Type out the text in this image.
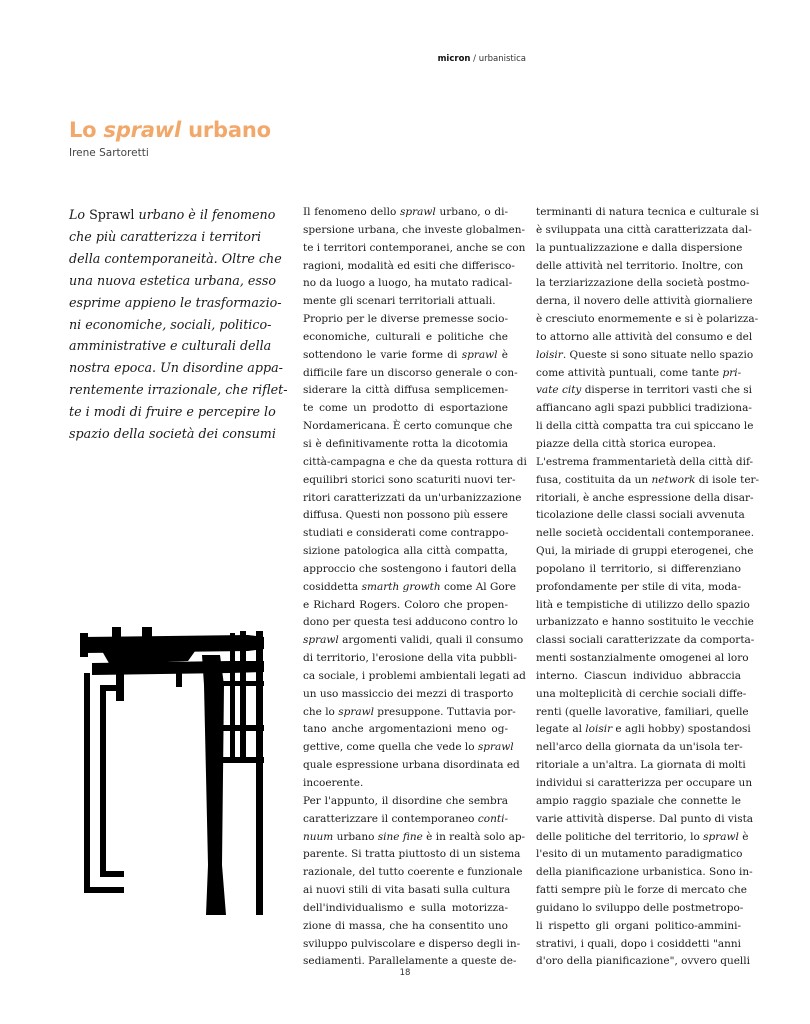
micron / urbanistica
Lo sprawl urbano
Irene Sartoretti
Lo Sprawl urbano è il fenomeno
che più caratterizza i territori
della contemporaneità. Oltre che
una nuova estetica urbana, esso
esprime appieno le trasformazio-
ni economiche, sociali, politico-
amministrative e culturali della
nostra epoca. Un disordine appa-
rentemente irrazionale, che riflet-
te i modi di fruire e percepire lo
spazio della società dei consumi
Il fenomeno dello sprawl urbano, o di-
spersione urbana, che investe globalmen-
te i territori contemporanei, anche se con
ragioni, modalità ed esiti che differisco-
no da luogo a luogo, ha mutato radical-
mente gli scenari territoriali attuali.
Proprio per le diverse premesse socio-
economiche, culturali e politiche che
sottendono le varie forme di sprawl è
difficile fare un discorso generale o con-
siderare la città diffusa semplicemen-
te come un prodotto di esportazione
Nordamericana. È certo comunque che
si è definitivamente rotta la dicotomia
città-campagna e che da questa rottura di
equilibri storici sono scaturiti nuovi ter-
ritori caratterizzati da un'urbanizzazione
diffusa. Questi non possono più essere
studiati e considerati come contrappo-
sizione patologica alla città compatta,
approccio che sostengono i fautori della
cosiddetta smarth growth come Al Gore
e Richard Rogers. Coloro che propen-
dono per questa tesi adducono contro lo
sprawl argomenti validi, quali il consumo
di territorio, l'erosione della vita pubbli-
ca sociale, i problemi ambientali legati ad
un uso massiccio dei mezzi di trasporto
che lo sprawl presuppone. Tuttavia por-
tano anche argomentazioni meno og-
gettive, come quella che vede lo sprawl
quale espressione urbana disordinata ed
incoerente.
Per l'appunto, il disordine che sembra
caratterizzare il contemporaneo conti-
nuum urbano sine fine è in realtà solo ap-
parente. Si tratta piuttosto di un sistema
razionale, del tutto coerente e funzionale
ai nuovi stili di vita basati sulla cultura
dell'individualismo e sulla motorizza-
zione di massa, che ha consentito uno
sviluppo pulviscolare e disperso degli in-
sediamenti. Parallelamente a queste de-
terminanti di natura tecnica e culturale si
è sviluppata una città caratterizzata dal-
la puntualizzazione e dalla dispersione
delle attività nel territorio. Inoltre, con
la terziarizzazione della società postmo-
derna, il novero delle attività giornaliere
è cresciuto enormemente e si è polarizza-
to attorno alle attività del consumo e del
loisir. Queste si sono situate nello spazio
come attività puntuali, come tante pri-
vate city disperse in territori vasti che si
affiancano agli spazi pubblici tradiziona-
li della città compatta tra cui spiccano le
piazze della città storica europea.
L'estrema frammentarietà della città dif-
fusa, costituita da un network di isole ter-
ritoriali, è anche espressione della disar-
ticolazione delle classi sociali avvenuta
nelle società occidentali contemporanee.
Qui, la miriade di gruppi eterogenei, che
popolano il territorio, si differenziano
profondamente per stile di vita, moda-
lità e tempistiche di utilizzo dello spazio
urbanizzato e hanno sostituito le vecchie
classi sociali caratterizzate da comporta-
menti sostanzialmente omogenei al loro
interno. Ciascun individuo abbraccia
una molteplicità di cerchie sociali diffe-
renti (quelle lavorative, familiari, quelle
legate al loisir e agli hobby) spostandosi
nell'arco della giornata da un'isola ter-
ritoriale a un'altra. La giornata di molti
individui si caratterizza per occupare un
ampio raggio spaziale che connette le
varie attività disperse. Dal punto di vista
delle politiche del territorio, lo sprawl è
l'esito di un mutamento paradigmatico
della pianificazione urbanistica. Sono in-
fatti sempre più le forze di mercato che
guidano lo sviluppo delle postmetropo-
li rispetto gli organi politico-ammini-
strativi, i quali, dopo i cosiddetti "anni
d'oro della pianificazione", ovvero quelli
18
